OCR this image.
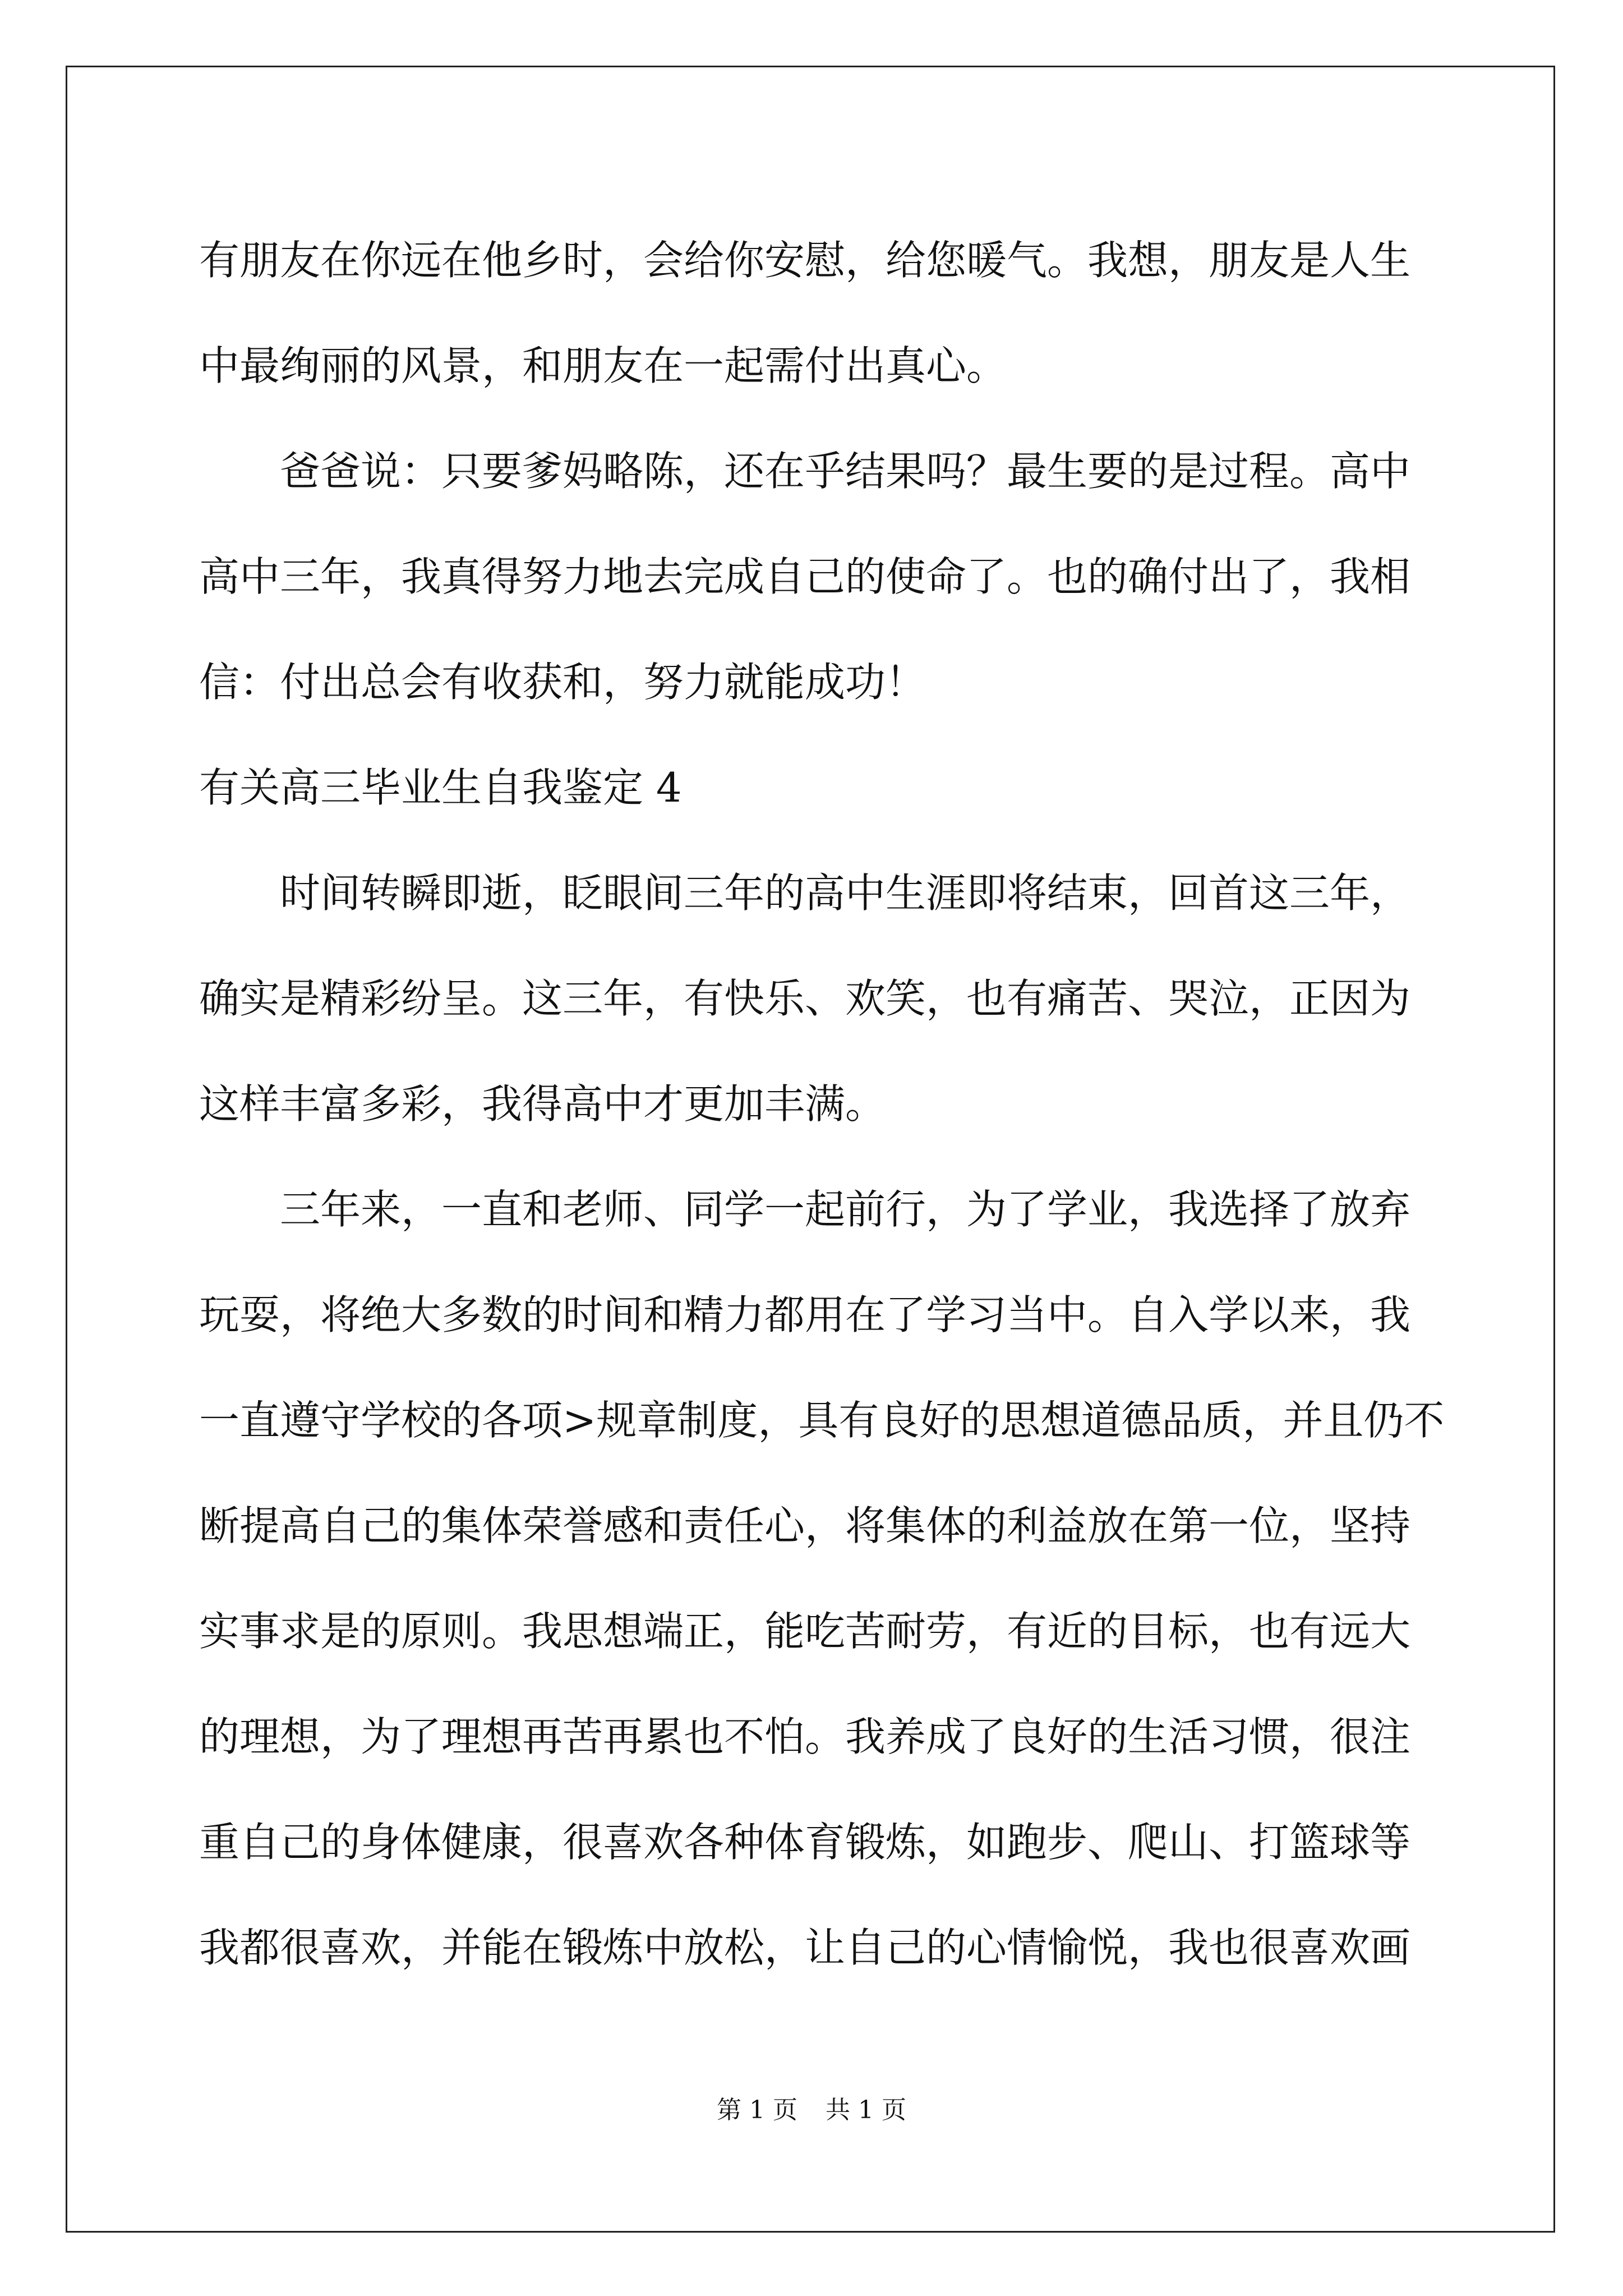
有朋友在你远在他乡时，会给你安慰，给您暖气。我想，朋友是人生
中最绚丽的风景，和朋友在一起需付出真心。
爸爸说：只要爹妈略陈，还在乎结果吗？最生要的是过程。高中
高中三年，我真得努力地去完成自己的使命了。也的确付出了，我相
信：付出总会有收获和，努力就能成功！
有关高三毕业生自我鉴定 4
时间转瞬即逝，眨眼间三年的高中生涯即将结束，回首这三年，
确实是精彩纷呈。这三年，有快乐、欢笑，也有痛苦、哭泣，正因为
这样丰富多彩，我得高中才更加丰满。
三年来，一直和老师、同学一起前行，为了学业，我选择了放弃
玩耍，将绝大多数的时间和精力都用在了学习当中。自入学以来，我
一直遵守学校的各项>规章制度，具有良好的思想道德品质，并且仍不
断提高自己的集体荣誉感和责任心，将集体的利益放在第一位，坚持
实事求是的原则。我思想端正，能吃苦耐劳，有近的目标，也有远大
的理想，为了理想再苦再累也不怕。我养成了良好的生活习惯，很注
重自己的身体健康，很喜欢各种体育锻炼，如跑步、爬山、打篮球等
我都很喜欢，并能在锻炼中放松，让自己的心情愉悦，我也很喜欢画
第 1 页 共 1 页
